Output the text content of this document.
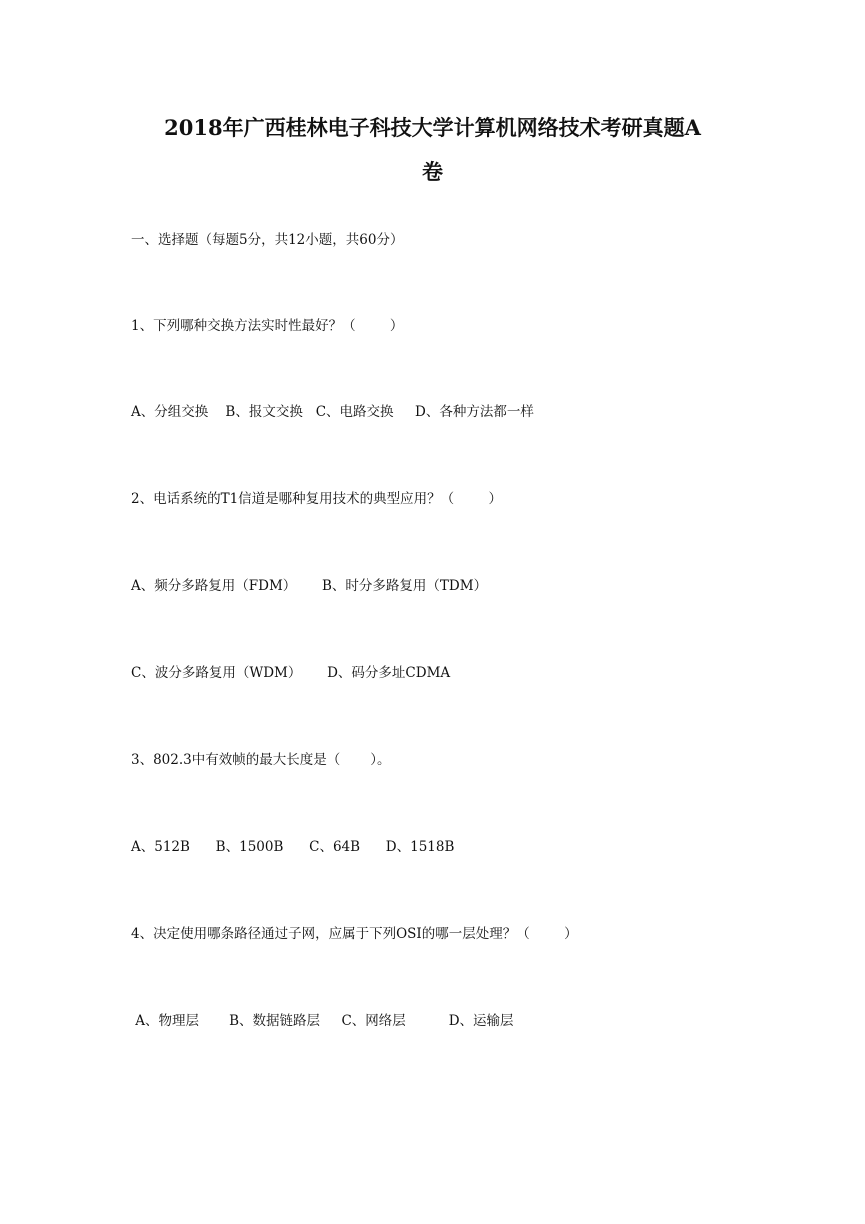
2018年广西桂林电子科技大学计算机网络技术考研真题A
卷
一、选择题（每题5分，共12小题，共60分）
1、下列哪种交换方法实时性最好？（        ）
A、分组交换    B、报文交换   C、电路交换     D、各种方法都一样
2、电话系统的T1信道是哪种复用技术的典型应用？（        ）
A、频分多路复用（FDM）      B、时分多路复用（TDM）
C、波分多路复用（WDM）      D、码分多址CDMA
3、802.3中有效帧的最大长度是（       ）。
A、512B      B、1500B      C、64B      D、1518B
4、决定使用哪条路径通过子网，应属于下列OSI的哪一层处理？（        ）
A、物理层       B、数据链路层     C、网络层          D、运输层
